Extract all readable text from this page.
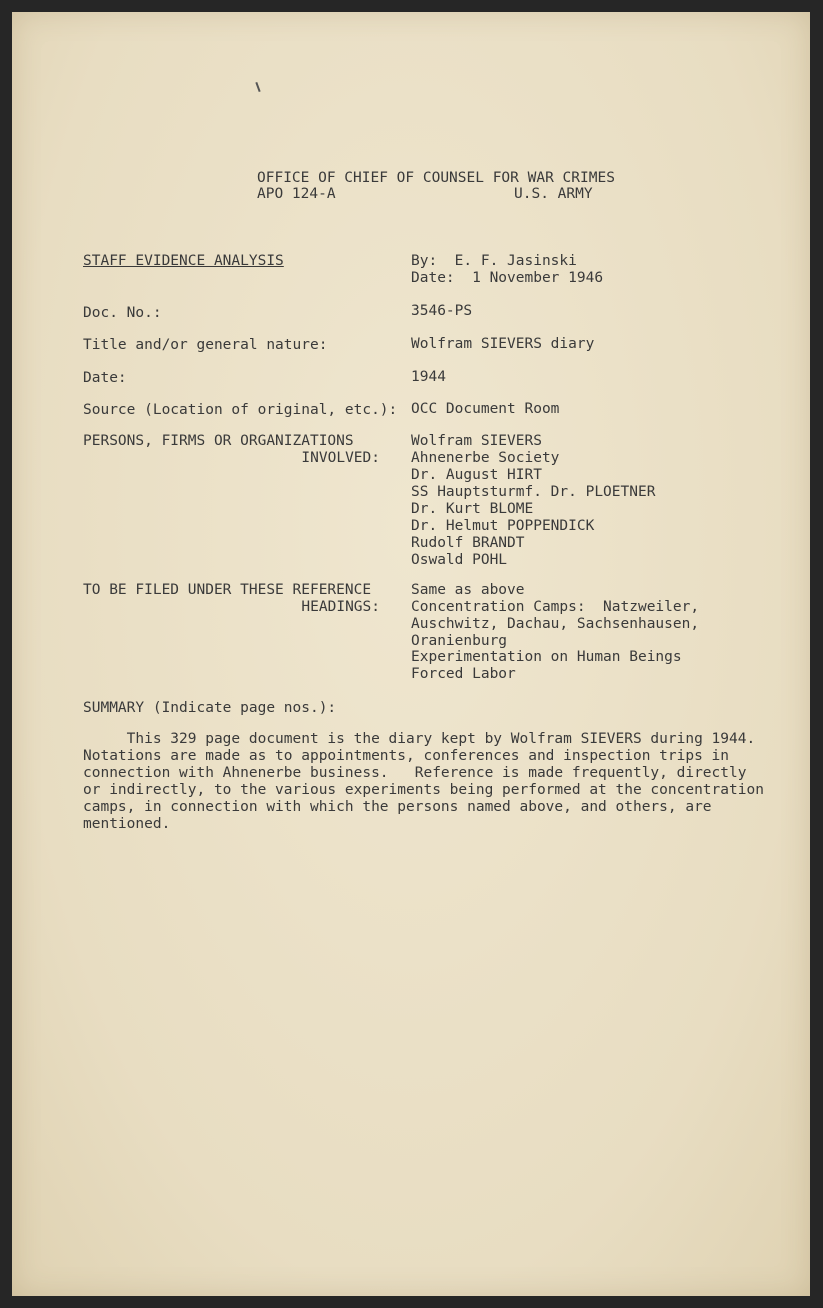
OFFICE OF CHIEF OF COUNSEL FOR WAR CRIMES
APO 124-A	U.S. ARMY
STAFF EVIDENCE ANALYSIS	By:  E. F. Jasinski
Date:  1 November 1946
Doc. No.:	3546-PS
Title and/or general nature:	Wolfram SIEVERS diary
Date:	1944
Source (Location of original, etc.): OCC Document Room
PERSONS, FIRMS OR ORGANIZATIONS
INVOLVED:
Wolfram SIEVERS
Ahnenerbe Society
Dr. August HIRT
SS Hauptsturmf. Dr. PLOETNER
Dr. Kurt BLOME
Dr. Helmut POPPENDICK
Rudolf BRANDT
Oswald POHL
TO BE FILED UNDER THESE REFERENCE
HEADINGS:
Same as above
Concentration Camps:  Natzweiler,
Auschwitz, Dachau, Sachsenhausen,
Oranienburg
Experimentation on Human Beings
Forced Labor
SUMMARY (Indicate page nos.):
This 329 page document is the diary kept by Wolfram SIEVERS during 1944.
Notations are made as to appointments, conferences and inspection trips in
connection with Ahnenerbe business.   Reference is made frequently, directly
or indirectly, to the various experiments being performed at the concentration
camps, in connection with which the persons named above, and others, are
mentioned.
